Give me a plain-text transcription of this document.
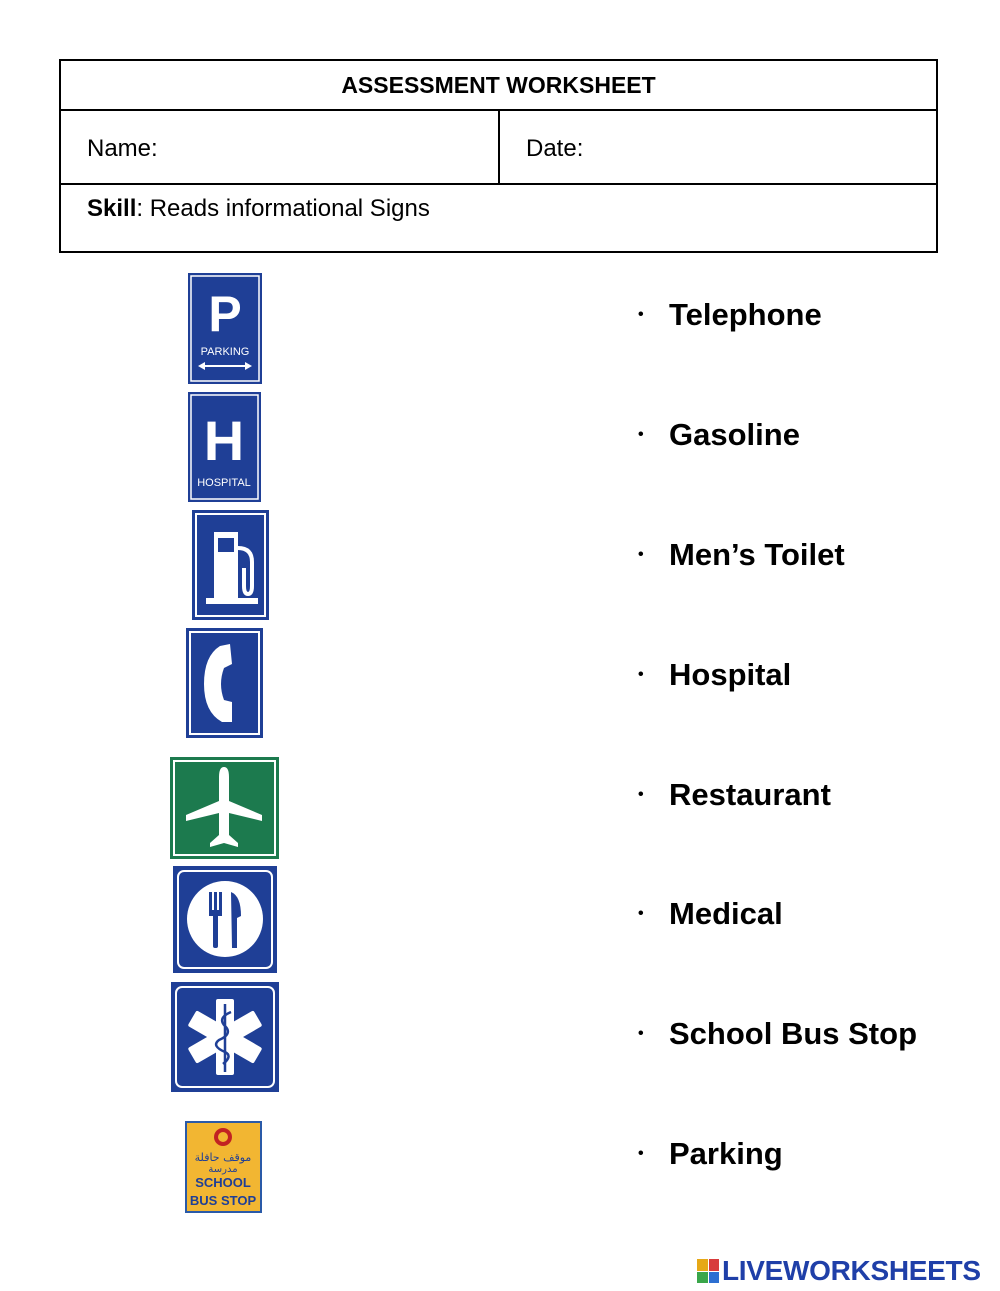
ASSESSMENT WORKSHEET
Name:	Date:
Skill: Reads informational Signs
P
PARKING
H
HOSPITAL
موقف حافلة
مدرسة
SCHOOL
BUS STOP
• Telephone
• Gasoline
• Men’s Toilet
• Hospital
• Restaurant
• Medical
• School Bus Stop
• Parking
LIVEWORKSHEETS
